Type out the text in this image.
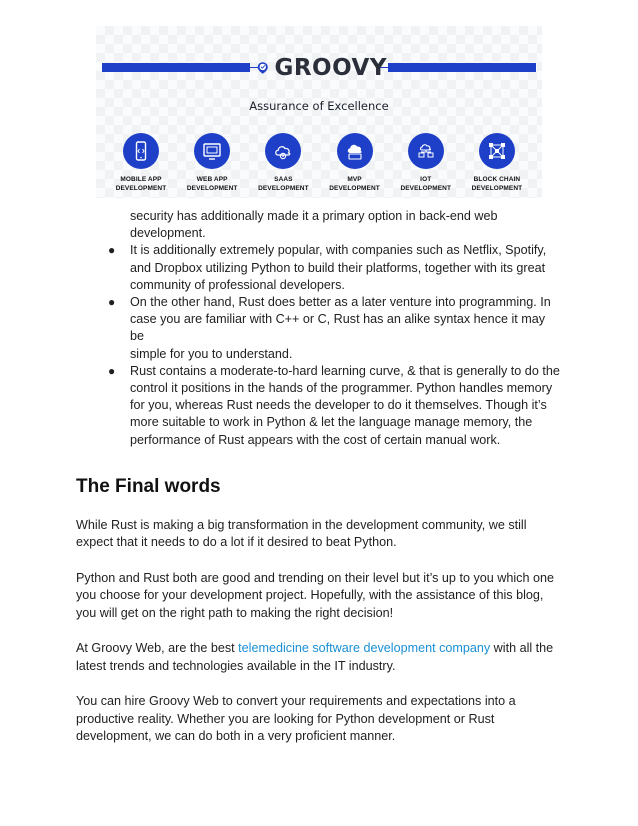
GROOVY
Assurance of Excellence
MOBILE APP
DEVELOPMENT
WEB APP
DEVELOPMENT
SAAS
DEVELOPMENT
MVP
DEVELOPMENT
IOT
DEVELOPMENT
BLOCK CHAIN
DEVELOPMENT
security has additionally made it a primary option in back-end web
development.
● It is additionally extremely popular, with companies such as Netflix, Spotify,
and Dropbox utilizing Python to build their platforms, together with its great
community of professional developers.
● On the other hand, Rust does better as a later venture into programming. In
case you are familiar with C++ or C, Rust has an alike syntax hence it may be
simple for you to understand.
● Rust contains a moderate-to-hard learning curve, & that is generally to do the
control it positions in the hands of the programmer. Python handles memory
for you, whereas Rust needs the developer to do it themselves. Though it’s
more suitable to work in Python & let the language manage memory, the
performance of Rust appears with the cost of certain manual work.
The Final words
While Rust is making a big transformation in the development community, we still
expect that it needs to do a lot if it desired to beat Python.
Python and Rust both are good and trending on their level but it’s up to you which one
you choose for your development project. Hopefully, with the assistance of this blog,
you will get on the right path to making the right decision!
At Groovy Web, are the best telemedicine software development company with all the
latest trends and technologies available in the IT industry.
You can hire Groovy Web to convert your requirements and expectations into a
productive reality. Whether you are looking for Python development or Rust
development, we can do both in a very proficient manner.
